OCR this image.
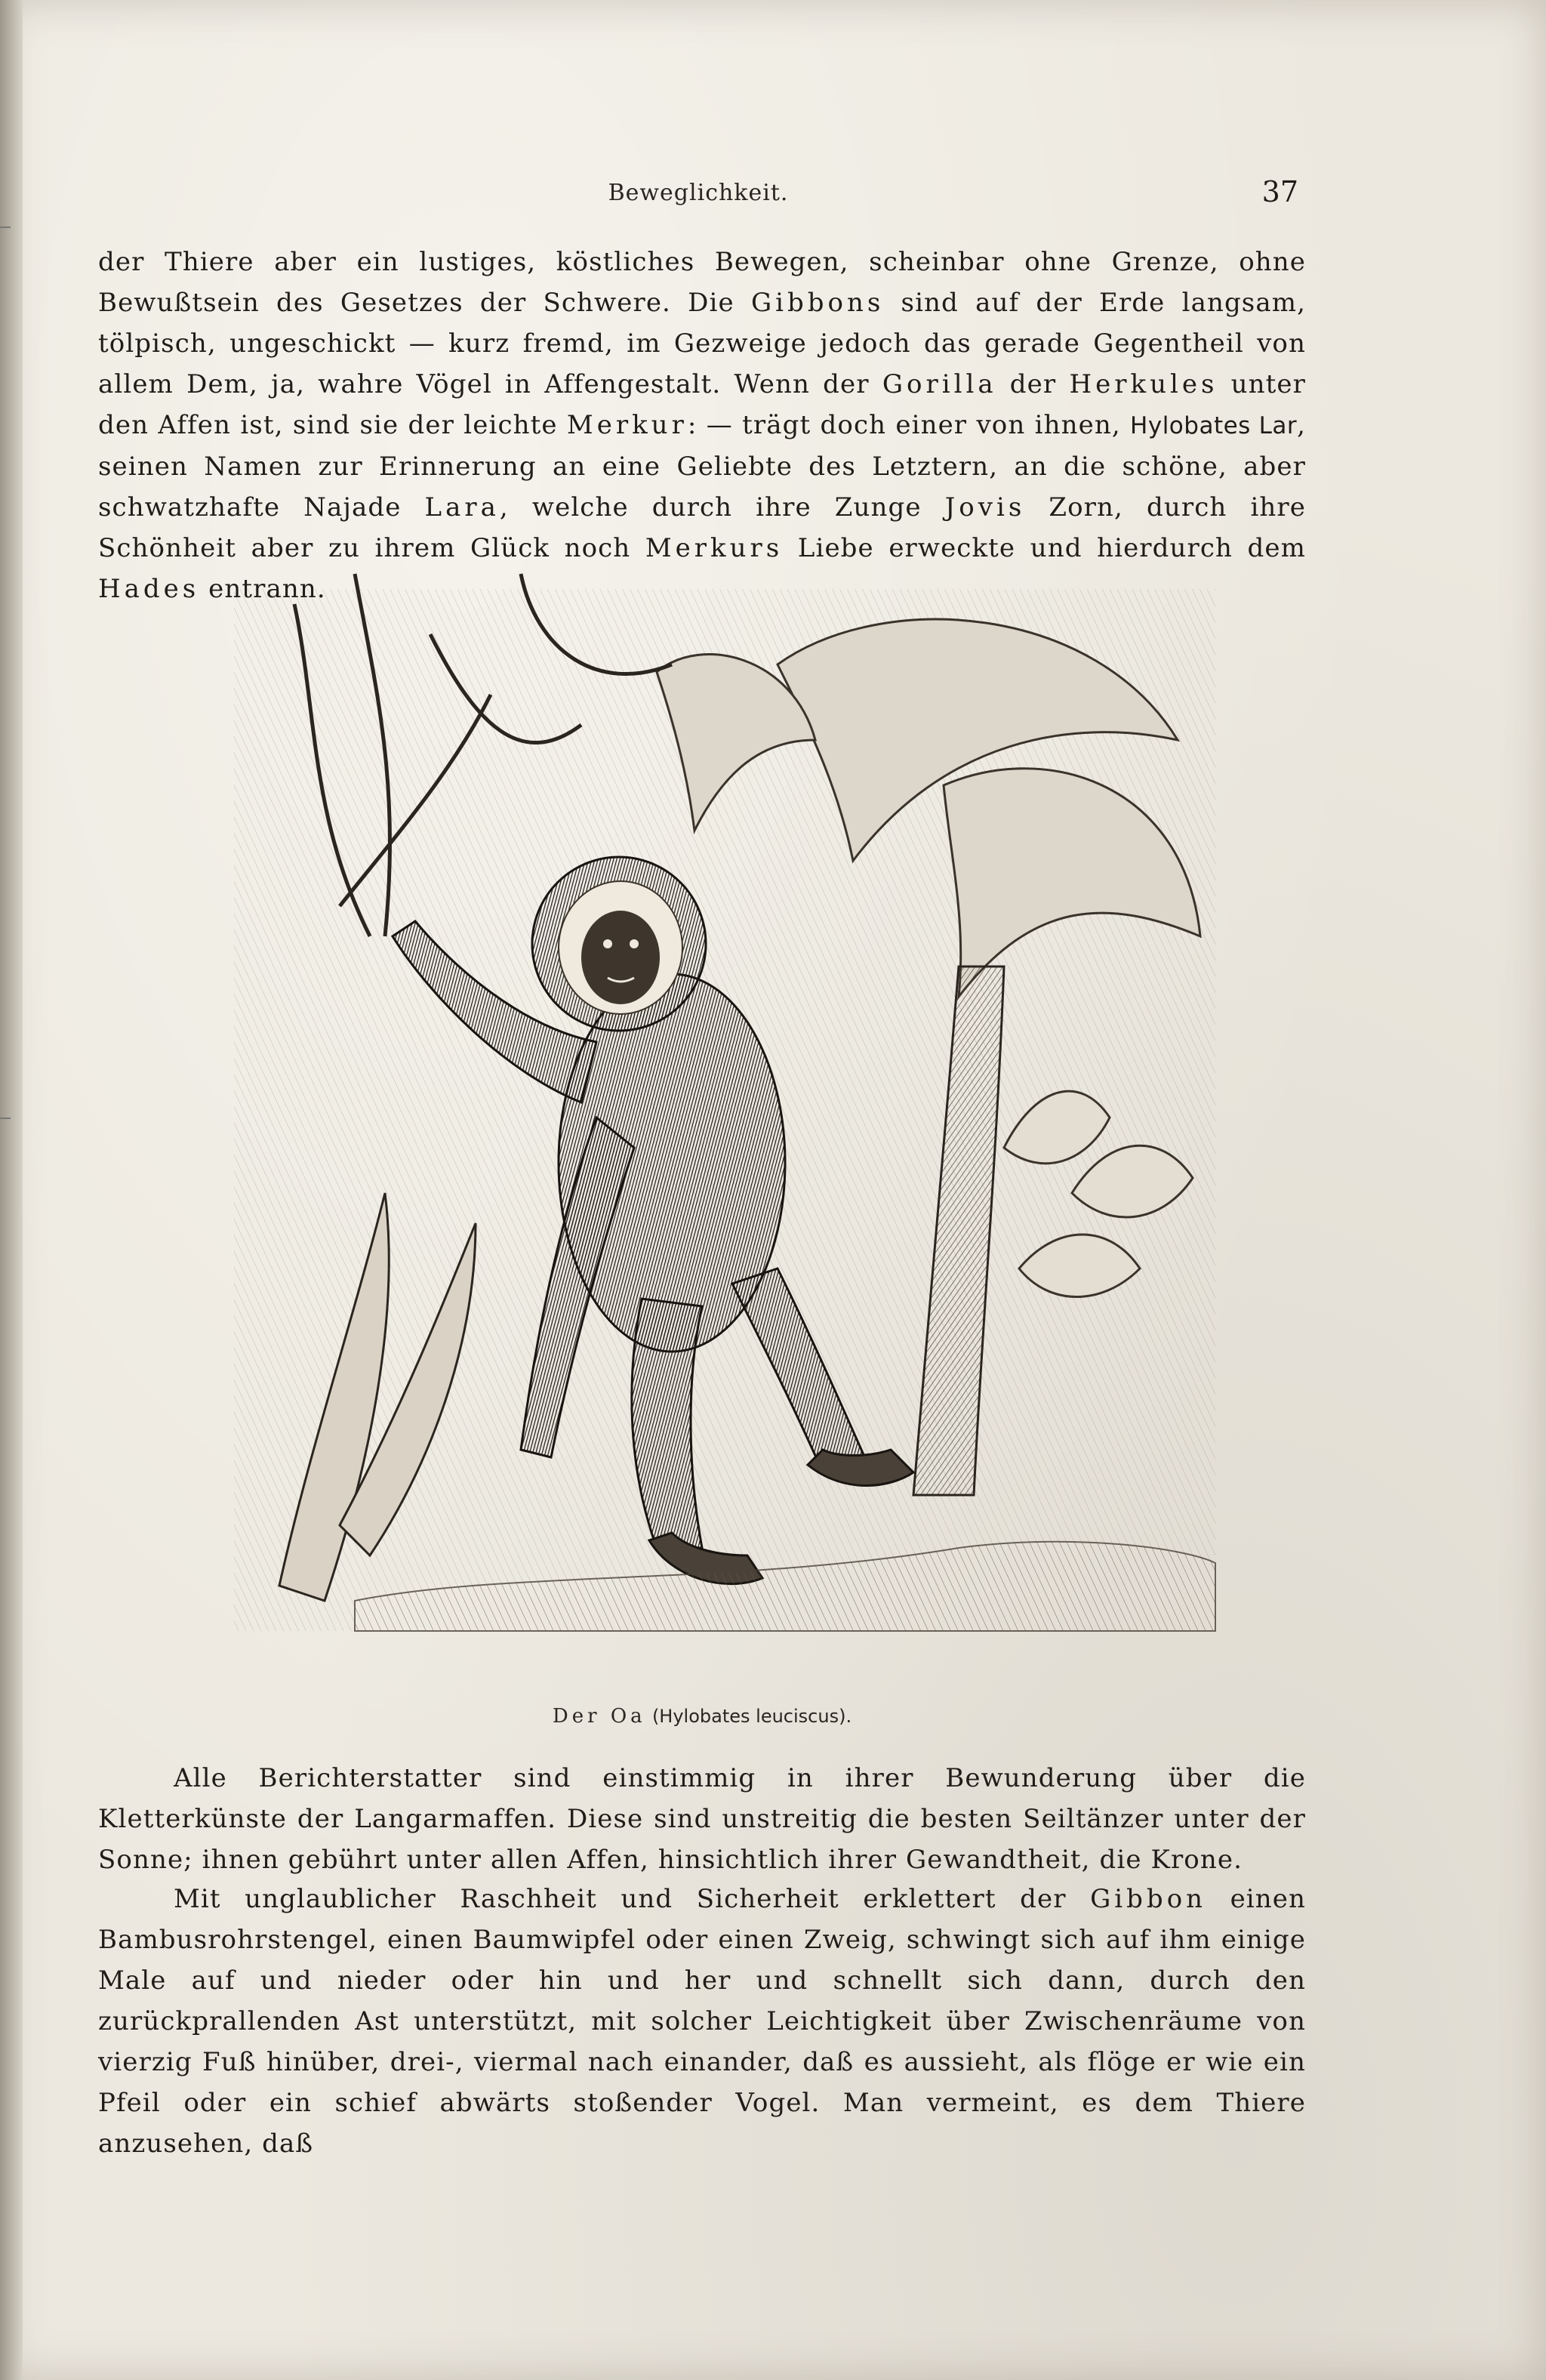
Beweglichkeit.	37

der Thiere aber ein lustiges, köstliches Bewegen, scheinbar ohne Grenze, ohne Bewußtsein des Gesetzes der Schwere. Die Gibbons sind auf der Erde langsam, tölpisch, ungeschickt — kurz fremd, im Gezweige jedoch das gerade Gegentheil von allem Dem, ja, wahre Vögel in Affengestalt. Wenn der Gorilla der Herkules unter den Affen ist, sind sie der leichte Merkur: — trägt doch einer von ihnen, Hylobates Lar, seinen Namen zur Erinnerung an eine Geliebte des Letztern, an die schöne, aber schwatzhafte Najade Lara, welche durch ihre Zunge Jovis Zorn, durch ihre Schönheit aber zu ihrem Glück noch Merkurs Liebe erweckte und hierdurch dem Hades entrann.

Der Oa (Hylobates leuciscus).

Alle Berichterstatter sind einstimmig in ihrer Bewunderung über die Kletterkünste der Langarmaffen. Diese sind unstreitig die besten Seiltänzer unter der Sonne; ihnen gebührt unter allen Affen, hinsichtlich ihrer Gewandtheit, die Krone.

Mit unglaublicher Raschheit und Sicherheit erklettert der Gibbon einen Bambusrohrstengel, einen Baumwipfel oder einen Zweig, schwingt sich auf ihm einige Male auf und nieder oder hin und her und schnellt sich dann, durch den zurückprallenden Ast unterstützt, mit solcher Leichtigkeit über Zwischenräume von vierzig Fuß hinüber, drei-, viermal nach einander, daß es aussieht, als flöge er wie ein Pfeil oder ein schief abwärts stoßender Vogel. Man vermeint, es dem Thiere anzusehen, daß
